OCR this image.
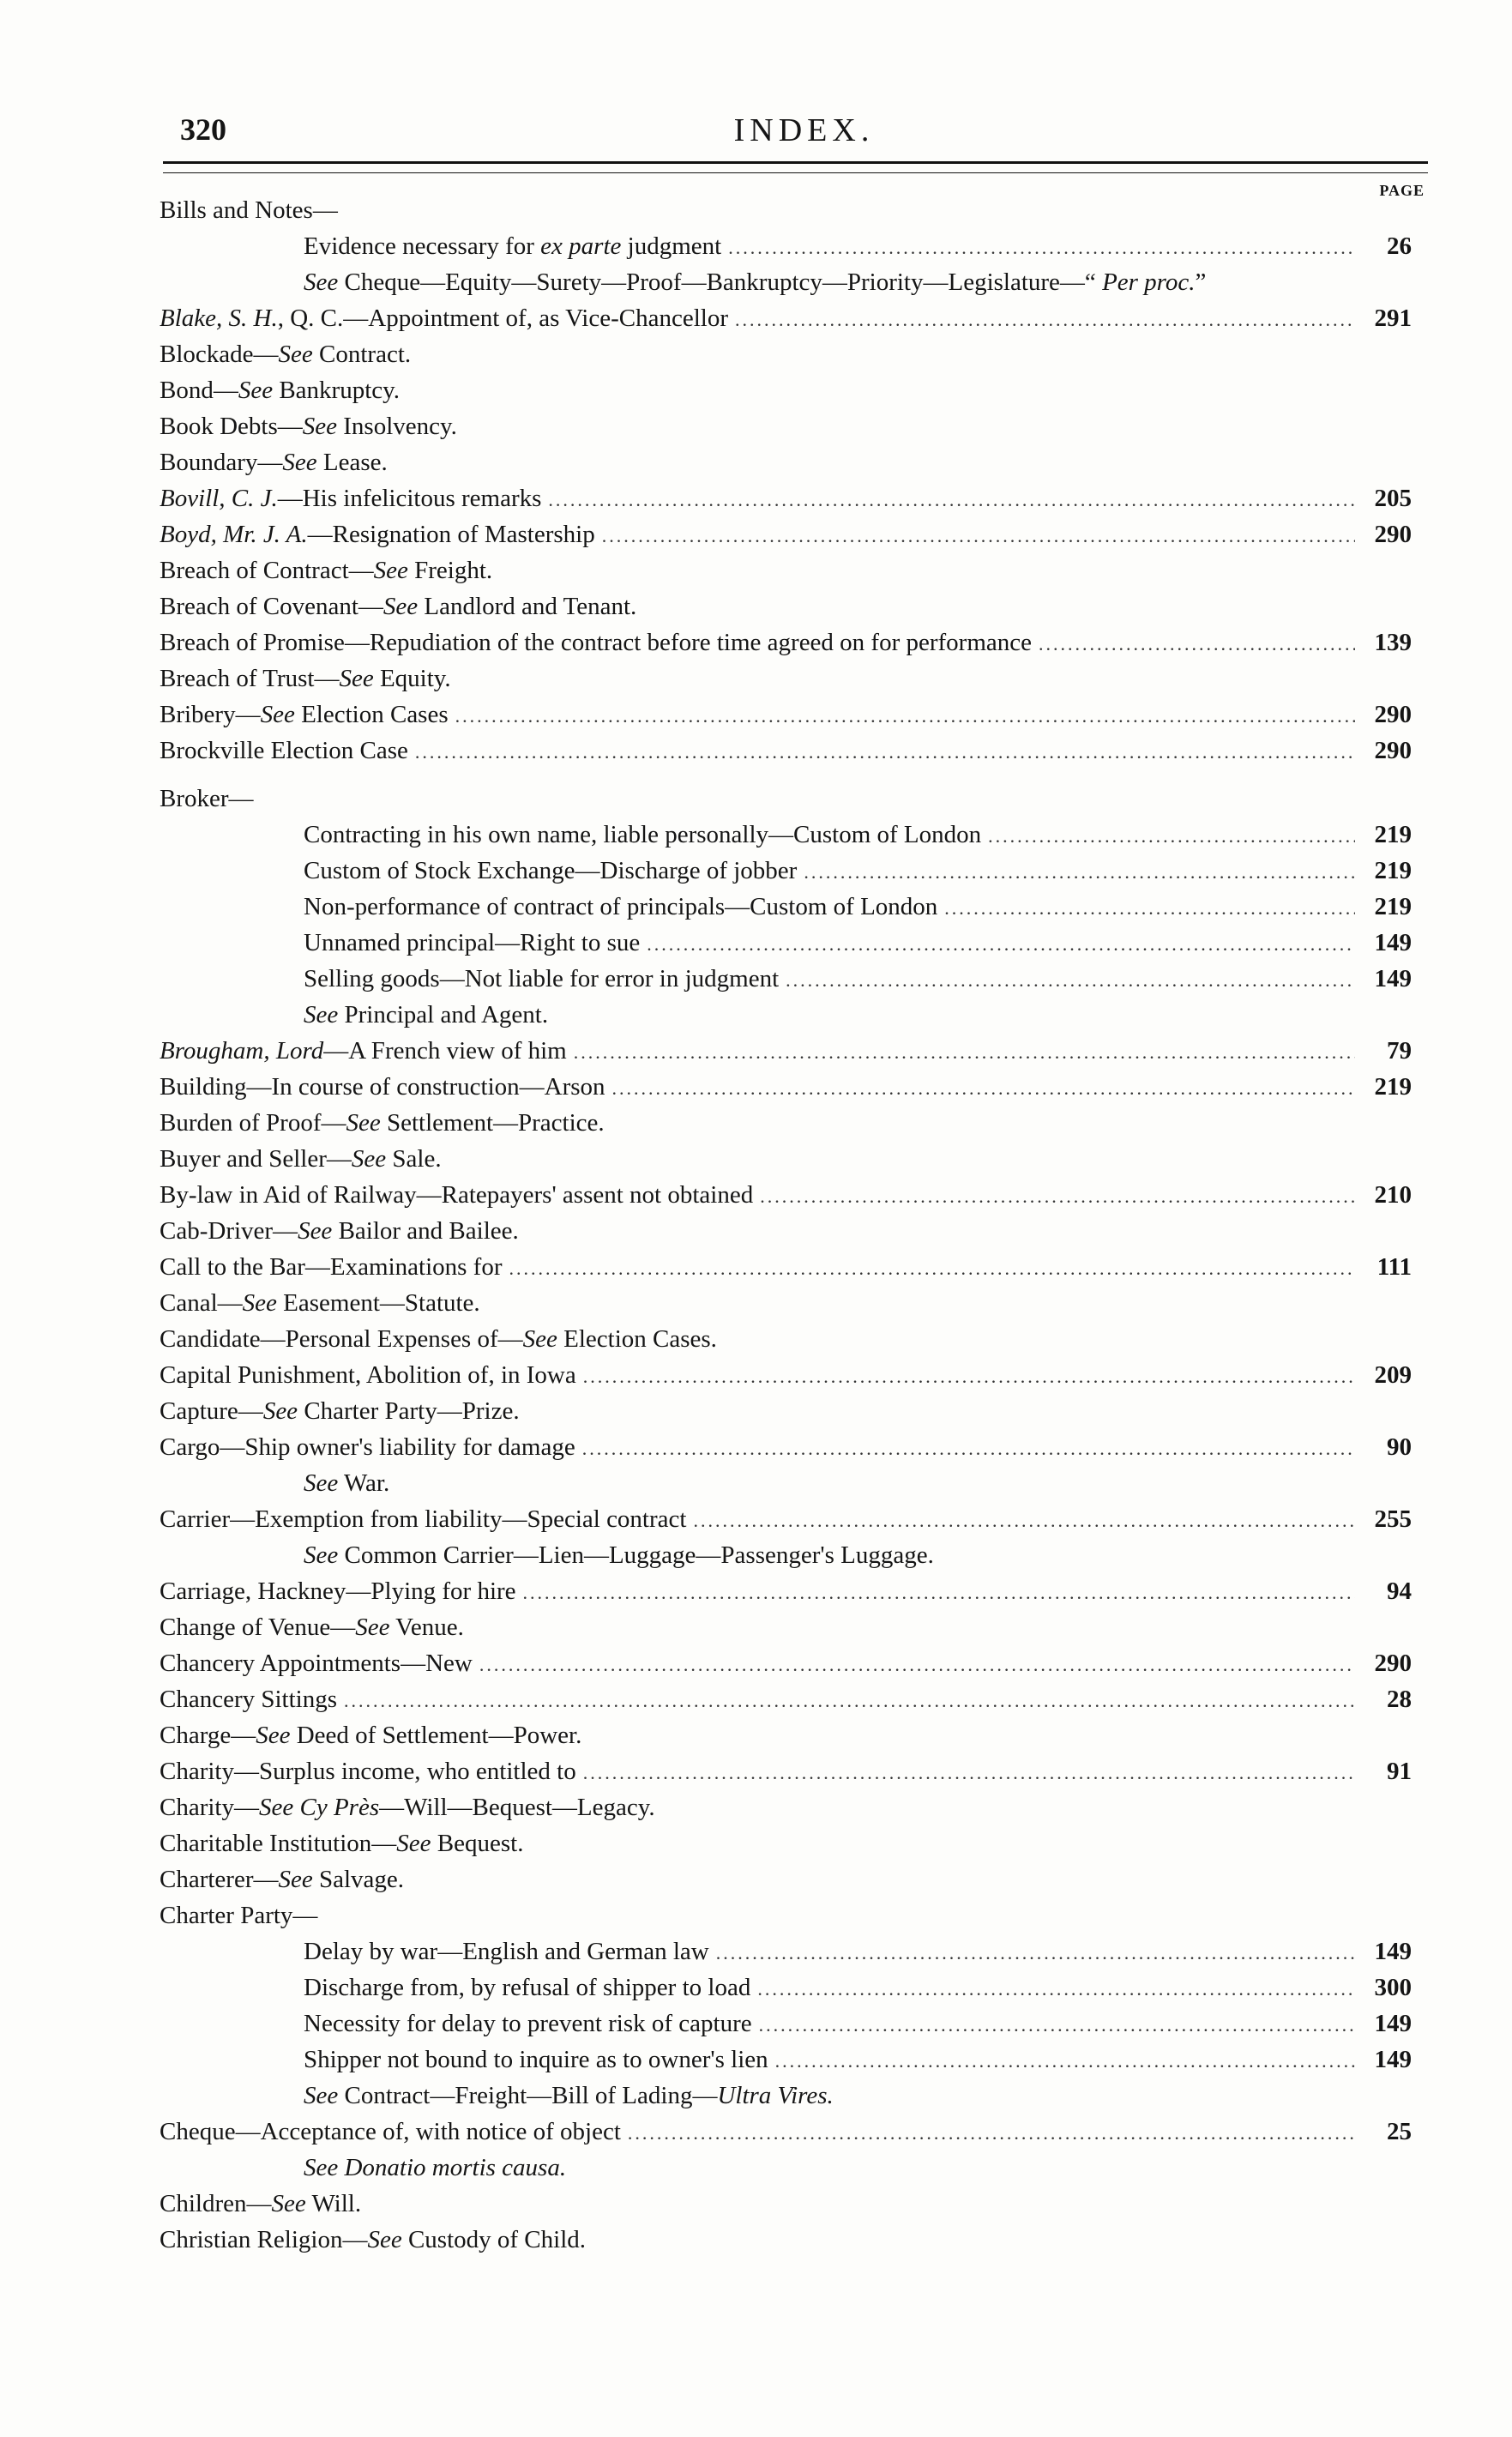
320	INDEX.
PAGE
Bills and Notes—
Evidence necessary for ex parte judgment .....	26
See Cheque—Equity—Surety—Proof—Bankruptcy—Priority—Legislature—“ Per proc.”
Blake, S. H., Q. C.—Appointment of, as Vice-Chancellor .....	291
Blockade—See Contract.
Bond—See Bankruptcy.
Book Debts—See Insolvency.
Boundary—See Lease.
Bovill, C. J.—His infelicitous remarks .....	205
Boyd, Mr. J. A.—Resignation of Mastership .....	290
Breach of Contract—See Freight.
Breach of Covenant—See Landlord and Tenant.
Breach of Promise—Repudiation of the contract before time agreed on for performance .....	139
Breach of Trust—See Equity.
Bribery—See Election Cases .....	290
Brockville Election Case .....	290
Broker—
Contracting in his own name, liable personally—Custom of London .....	219
Custom of Stock Exchange—Discharge of jobber .....	219
Non-performance of contract of principals—Custom of London .....	219
Unnamed principal—Right to sue .....	149
Selling goods—Not liable for error in judgment .....	149
See Principal and Agent.
Brougham, Lord—A French view of him .....	79
Building—In course of construction—Arson .....	219
Burden of Proof—See Settlement—Practice.
Buyer and Seller—See Sale.
By-law in Aid of Railway—Ratepayers' assent not obtained .....	210
Cab-Driver—See Bailor and Bailee.
Call to the Bar—Examinations for .....	111
Canal—See Easement—Statute.
Candidate—Personal Expenses of—See Election Cases.
Capital Punishment, Abolition of, in Iowa .....	209
Capture—See Charter Party—Prize.
Cargo—Ship owner's liability for damage .....	90
See War.
Carrier—Exemption from liability—Special contract .....	255
See Common Carrier—Lien—Luggage—Passenger's Luggage.
Carriage, Hackney—Plying for hire .....	94
Change of Venue—See Venue.
Chancery Appointments—New .....	290
Chancery Sittings .....	28
Charge—See Deed of Settlement—Power.
Charity—Surplus income, who entitled to .....	91
Charity—See Cy Près—Will—Bequest—Legacy.
Charitable Institution—See Bequest.
Charterer—See Salvage.
Charter Party—
Delay by war—English and German law .....	149
Discharge from, by refusal of shipper to load .....	300
Necessity for delay to prevent risk of capture .....	149
Shipper not bound to inquire as to owner's lien .....	149
See Contract—Freight—Bill of Lading—Ultra Vires.
Cheque—Acceptance of, with notice of object .....	25
See Donatio mortis causa.
Children—See Will.
Christian Religion—See Custody of Child.
